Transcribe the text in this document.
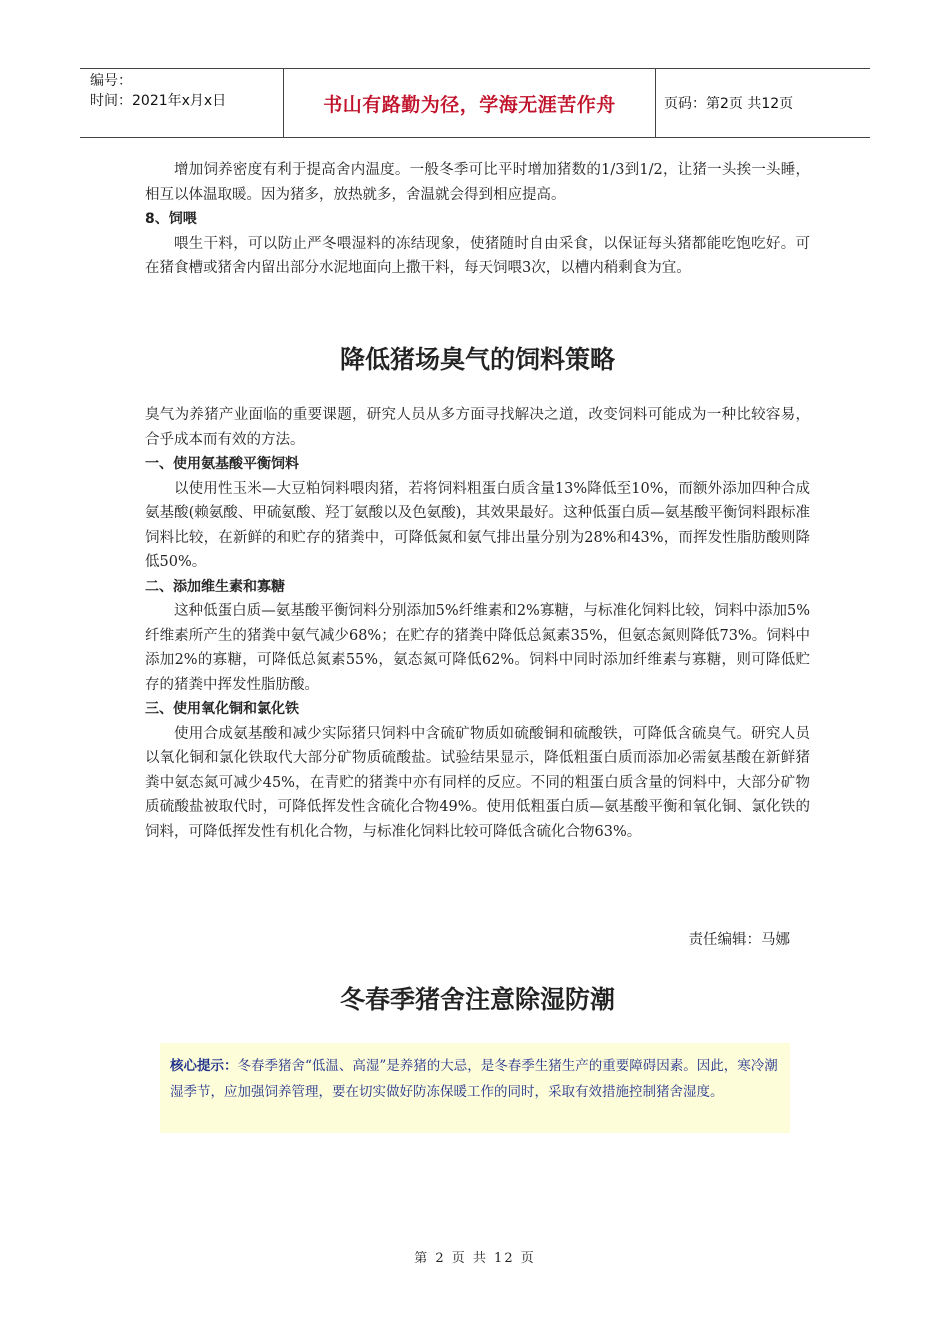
编号：
时间：2021年x月x日	书山有路勤为径，学海无涯苦作舟	页码：第2页 共12页

增加饲养密度有利于提高舍内温度。一般冬季可比平时增加猪数的1/3到1/2，让猪一头挨一头睡，相互以体温取暖。因为猪多，放热就多，舍温就会得到相应提高。

8、饲喂

喂生干料，可以防止严冬喂湿料的冻结现象，使猪随时自由采食，以保证每头猪都能吃饱吃好。可在猪食槽或猪舍内留出部分水泥地面向上撒干料，每天饲喂3次，以槽内稍剩食为宜。

降低猪场臭气的饲料策略

臭气为养猪产业面临的重要课题，研究人员从多方面寻找解决之道，改变饲料可能成为一种比较容易，合乎成本而有效的方法。

一、使用氨基酸平衡饲料

以使用性玉米—大豆粕饲料喂肉猪，若将饲料粗蛋白质含量13%降低至10%，而额外添加四种合成氨基酸(赖氨酸、甲硫氨酸、羟丁氨酸以及色氨酸)，其效果最好。这种低蛋白质—氨基酸平衡饲料跟标准饲料比较，在新鲜的和贮存的猪粪中，可降低氮和氨气排出量分别为28%和43%，而挥发性脂肪酸则降低50%。

二、添加维生素和寡糖

这种低蛋白质—氨基酸平衡饲料分别添加5%纤维素和2%寡糖，与标准化饲料比较，饲料中添加5%纤维素所产生的猪粪中氨气减少68%；在贮存的猪粪中降低总氮素35%，但氨态氮则降低73%。饲料中添加2%的寡糖，可降低总氮素55%，氨态氮可降低62%。饲料中同时添加纤维素与寡糖，则可降低贮存的猪粪中挥发性脂肪酸。

三、使用氧化铜和氯化铁

使用合成氨基酸和减少实际猪只饲料中含硫矿物质如硫酸铜和硫酸铁，可降低含硫臭气。研究人员以氧化铜和氯化铁取代大部分矿物质硫酸盐。试验结果显示，降低粗蛋白质而添加必需氨基酸在新鲜猪粪中氨态氮可减少45%，在青贮的猪粪中亦有同样的反应。不同的粗蛋白质含量的饲料中，大部分矿物质硫酸盐被取代时，可降低挥发性含硫化合物49%。使用低粗蛋白质—氨基酸平衡和氧化铜、氯化铁的饲料，可降低挥发性有机化合物，与标准化饲料比较可降低含硫化合物63%。

责任编辑：马娜
冬春季猪舍注意除湿防潮
核心提示：冬春季猪舍“低温、高湿”是养猪的大忌，是冬春季生猪生产的重要障碍因素。因此，寒冷潮湿季节，应加强饲养管理，要在切实做好防冻保暖工作的同时，采取有效措施控制猪舍湿度。
第 2 页 共 12 页
